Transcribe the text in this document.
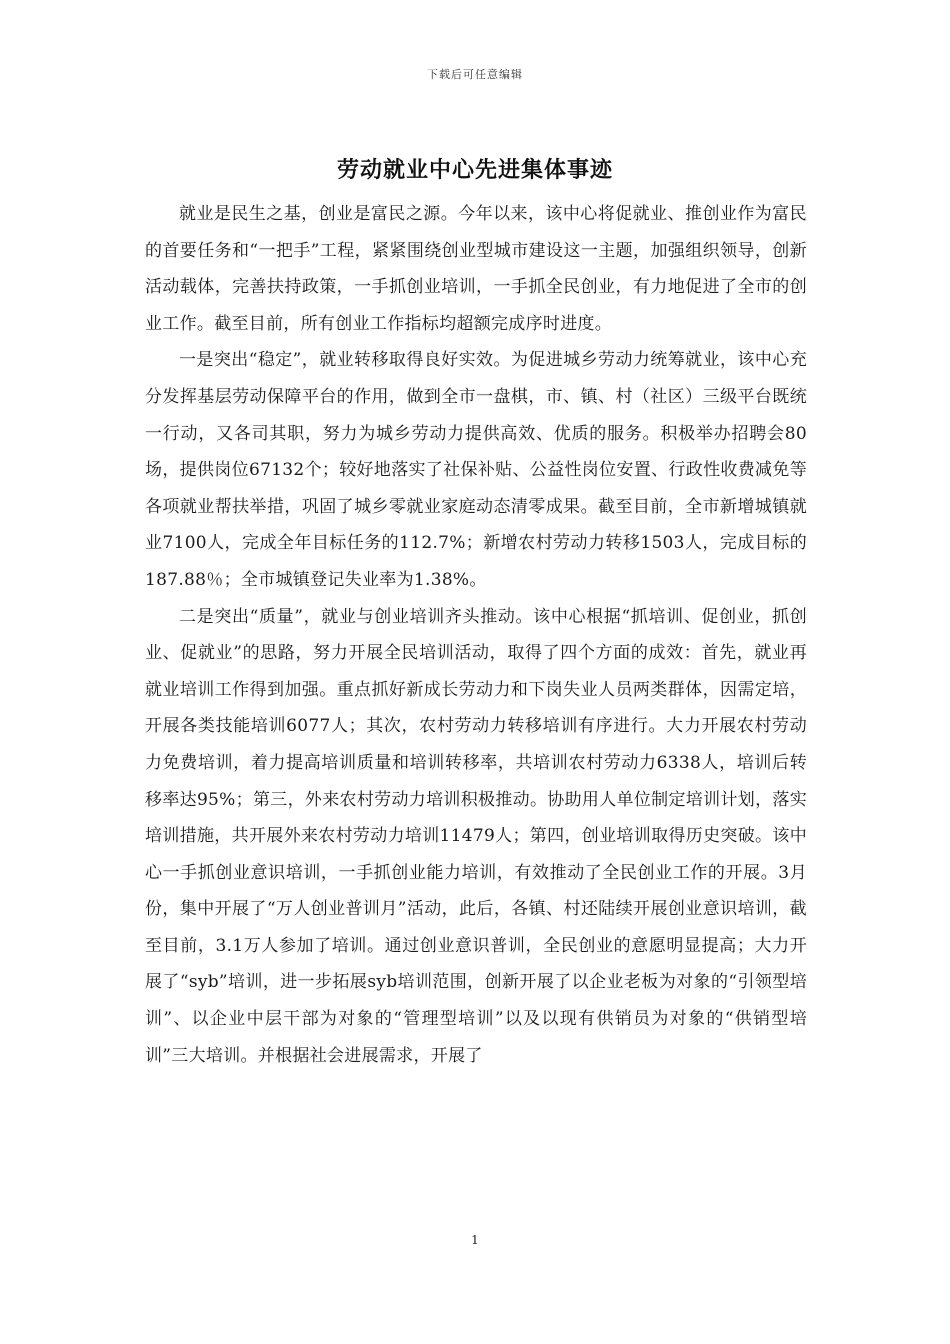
下载后可任意编辑
劳动就业中心先进集体事迹

就业是民生之基，创业是富民之源。今年以来，该中心将促就业、推创业作为富民的首要任务和“一把手”工程，紧紧围绕创业型城市建设这一主题，加强组织领导，创新活动载体，完善扶持政策，一手抓创业培训，一手抓全民创业，有力地促进了全市的创业工作。截至目前，所有创业工作指标均超额完成序时进度。

一是突出“稳定”，就业转移取得良好实效。为促进城乡劳动力统筹就业，该中心充分发挥基层劳动保障平台的作用，做到全市一盘棋，市、镇、村（社区）三级平台既统一行动，又各司其职，努力为城乡劳动力提供高效、优质的服务。积极举办招聘会80场，提供岗位67132个；较好地落实了社保补贴、公益性岗位安置、行政性收费减免等各项就业帮扶举措，巩固了城乡零就业家庭动态清零成果。截至目前，全市新增城镇就业7100人，完成全年目标任务的112.7%；新增农村劳动力转移1503人，完成目标的187.88％；全市城镇登记失业率为1.38%。

二是突出“质量”，就业与创业培训齐头推动。该中心根据“抓培训、促创业，抓创业、促就业”的思路，努力开展全民培训活动，取得了四个方面的成效：首先，就业再就业培训工作得到加强。重点抓好新成长劳动力和下岗失业人员两类群体，因需定培，开展各类技能培训6077人；其次，农村劳动力转移培训有序进行。大力开展农村劳动力免费培训，着力提高培训质量和培训转移率，共培训农村劳动力6338人，培训后转移率达95%；第三，外来农村劳动力培训积极推动。协助用人单位制定培训计划，落实培训措施，共开展外来农村劳动力培训11479人；第四，创业培训取得历史突破。该中心一手抓创业意识培训，一手抓创业能力培训，有效推动了全民创业工作的开展。3月份，集中开展了“万人创业普训月”活动，此后，各镇、村还陆续开展创业意识培训，截至目前，3.1万人参加了培训。通过创业意识普训，全民创业的意愿明显提高；大力开展了“syb”培训，进一步拓展syb培训范围，创新开展了以企业老板为对象的“引领型培训”、以企业中层干部为对象的“管理型培训”以及以现有供销员为对象的“供销型培训”三大培训。并根据社会进展需求，开展了

1
